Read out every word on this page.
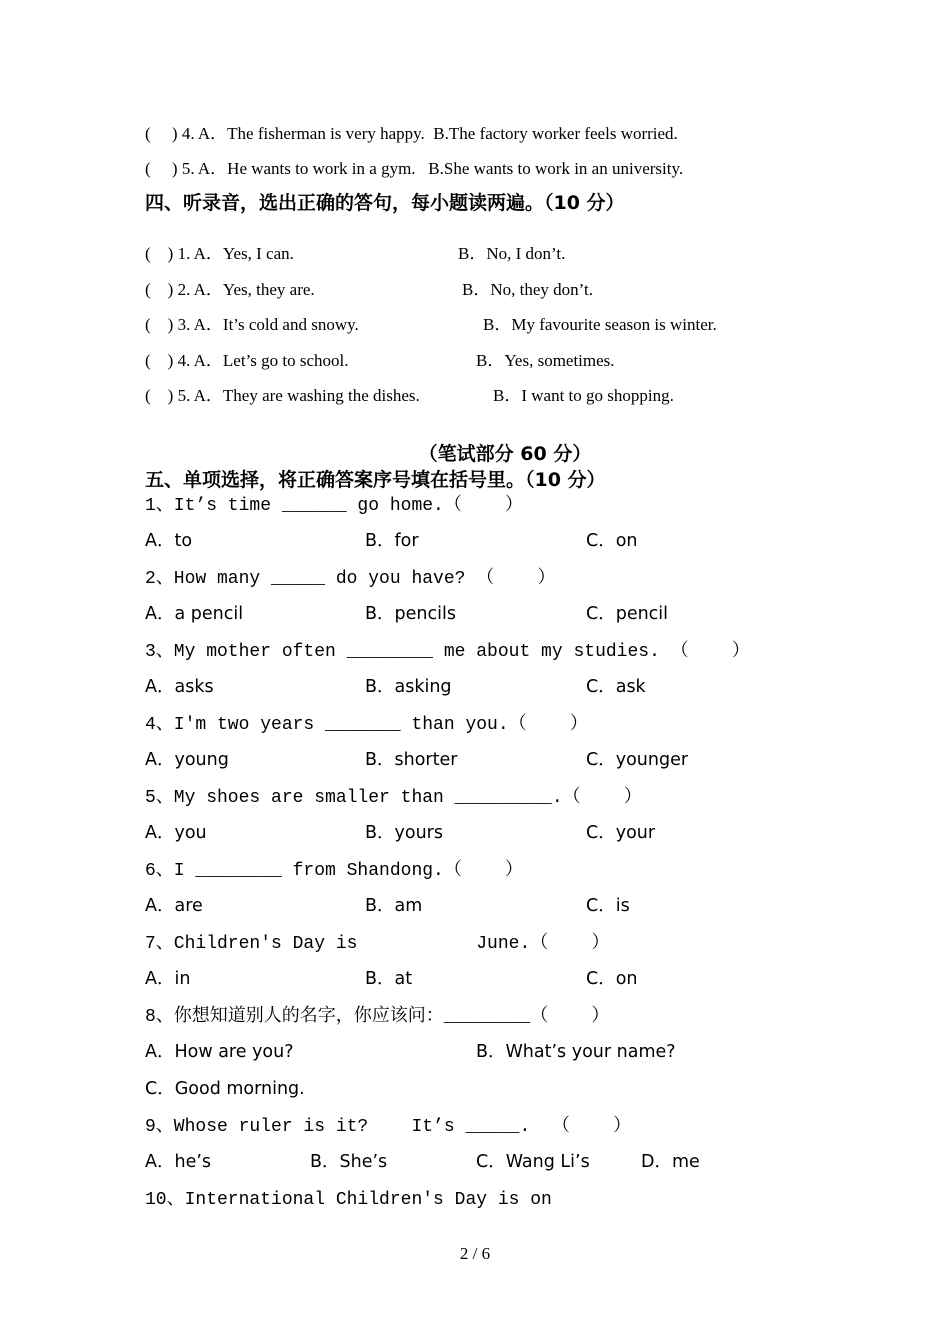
(     ) 4. A．The fisherman is very happy.  B.The factory worker feels worried.
(     ) 5. A．He wants to work in a gym.   B.She wants to work in an university.
四、听录音，选出正确的答句，每小题读两遍。（10 分）
(    ) 1. A．Yes, I can.	B．No, I don’t.
(    ) 2. A．Yes, they are.	B．No, they don’t.
(    ) 3. A．It’s cold and snowy.	B．My favourite season is winter.
(    ) 4. A．Let’s go to school.	B．Yes, sometimes.
(    ) 5. A．They are washing the dishes.	B．I want to go shopping.
（笔试部分 60 分）
五、单项选择，将正确答案序号填在括号里。（10 分）
1、It’s time ______ go home.（    ）
A．to	B．for	C．on
2、How many _____ do you have? （    ）
A．a pencil	B．pencils	C．pencil
3、My mother often ________ me about my studies. （    ）
A．asks	B．asking	C．ask
4、I'm two years _______ than you.（    ）
A．young	B．shorter	C．younger
5、My shoes are smaller than _________.（    ）
A．you	B．yours	C．your
6、I ________ from Shandong.（    ）
A．are	B．am	C．is
7、Children's Day is           June.（    ）
A．in	B．at	C．on
8、你想知道别人的名字，你应该问：________（    ）
A．How are you?	B．What’s your name?
C．Good morning.
9、Whose ruler is it?    It’s _____.  （    ）
A．he’s	B．She’s	C．Wang Li’s	D．me
10、International Children's Day is on
2 / 6
